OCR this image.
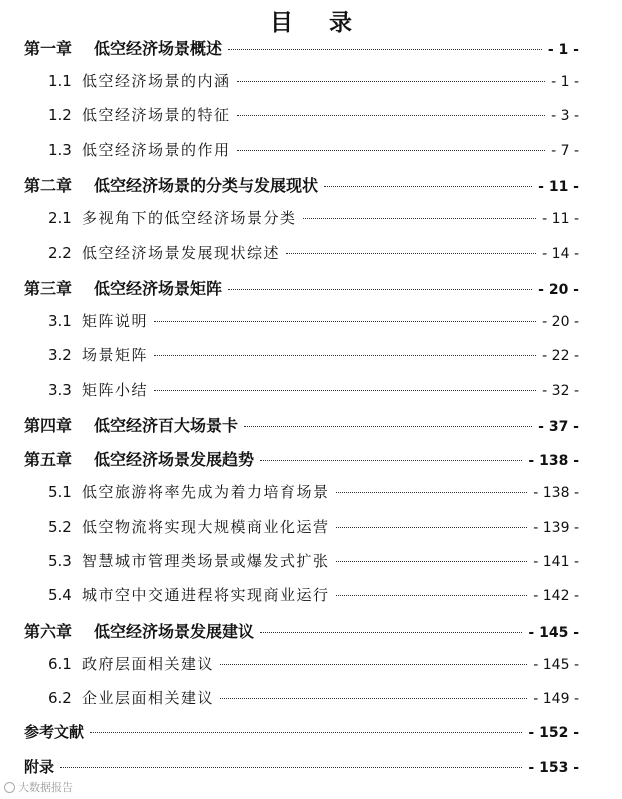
目 录
第一章	低空经济场景概述	- 1 -
1.1 低空经济场景的内涵	- 1 -
1.2 低空经济场景的特征	- 3 -
1.3 低空经济场景的作用	- 7 -
第二章	低空经济场景的分类与发展现状	- 11 -
2.1 多视角下的低空经济场景分类	- 11 -
2.2 低空经济场景发展现状综述	- 14 -
第三章	低空经济场景矩阵	- 20 -
3.1 矩阵说明	- 20 -
3.2 场景矩阵	- 22 -
3.3 矩阵小结	- 32 -
第四章	低空经济百大场景卡	- 37 -
第五章	低空经济场景发展趋势	- 138 -
5.1 低空旅游将率先成为着力培育场景	- 138 -
5.2 低空物流将实现大规模商业化运营	- 139 -
5.3 智慧城市管理类场景或爆发式扩张	- 141 -
5.4 城市空中交通进程将实现商业运行	- 142 -
第六章	低空经济场景发展建议	- 145 -
6.1 政府层面相关建议	- 145 -
6.2 企业层面相关建议	- 149 -
参考文献	- 152 -
附录	- 153 -
大数据报告
